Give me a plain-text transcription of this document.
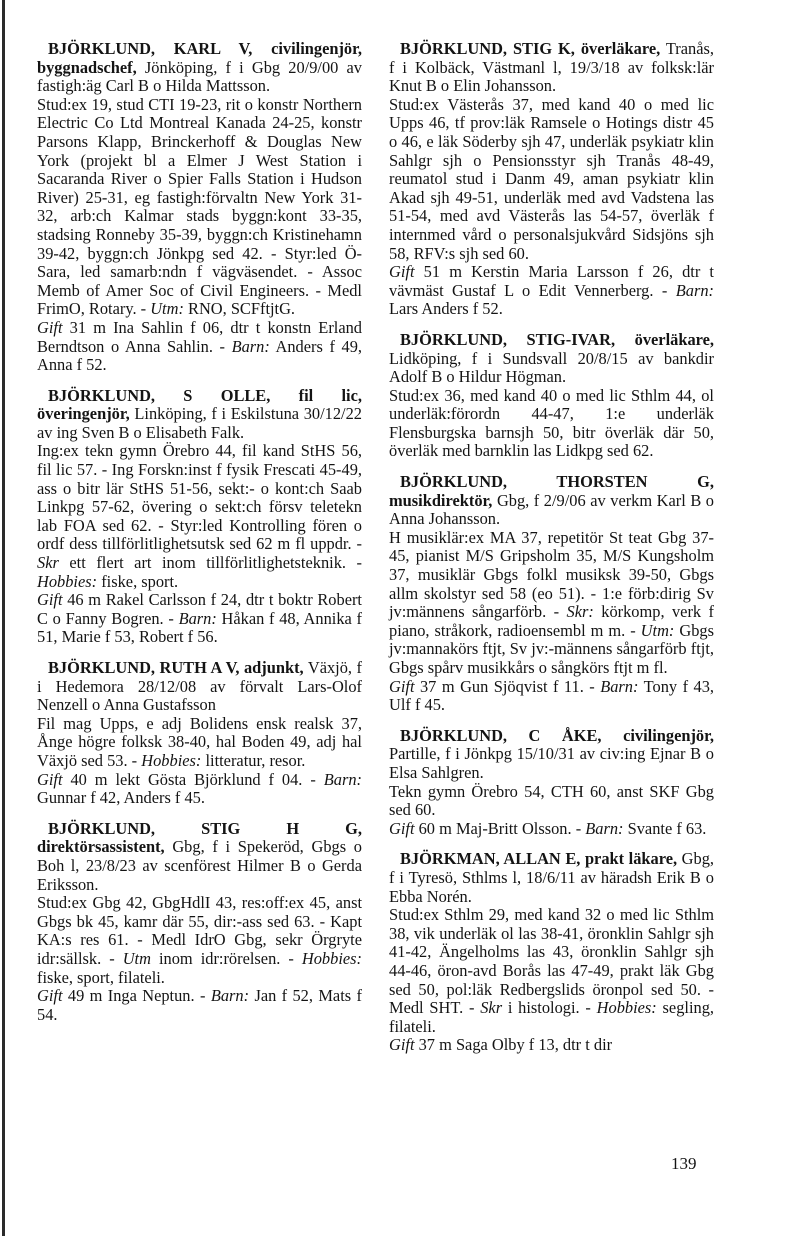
BJÖRKLUND, KARL V, civilingenjör, byggnadschef, Jönköping, f i Gbg 20/9/00 av fastigh:äg Carl B o Hilda Mattsson.

Stud:ex 19, stud CTI 19-23, rit o konstr Northern Electric Co Ltd Montreal Kanada 24-25, konstr Parsons Klapp, Brinckerhoff & Douglas New York (projekt bl a Elmer J West Station i Sacaranda River o Spier Falls Station i Hudson River) 25-31, eg fastigh:förvaltn New York 31-32, arb:ch Kalmar stads byggn:kont 33-35, stadsing Ronneby 35-39, byggn:ch Kristinehamn 39-42, byggn:ch Jönkpg sed 42. - Styr:led Ö-Sara, led samarb:ndn f vägväsendet. - Assoc Memb of Amer Soc of Civil Engineers. - Medl FrimO, Rotary. - Utm: RNO, SCFftjtG.

Gift 31 m Ina Sahlin f 06, dtr t konstn Erland Berndtson o Anna Sahlin. - Barn: Anders f 49, Anna f 52.

BJÖRKLUND, S OLLE, fil lic, överingenjör, Linköping, f i Eskilstuna 30/12/22 av ing Sven B o Elisabeth Falk.

Ing:ex tekn gymn Örebro 44, fil kand StHS 56, fil lic 57. - Ing Forskn:inst f fysik Frescati 45-49, ass o bitr lär StHS 51-56, sekt:- o kont:ch Saab Linkpg 57-62, övering o sekt:ch försv teletekn lab FOA sed 62. - Styr:led Kontrolling fören o ordf dess tillförlitlighetsutsk sed 62 m fl uppdr. - Skr ett flert art inom tillförlitlighetsteknik. - Hobbies: fiske, sport.

Gift 46 m Rakel Carlsson f 24, dtr t boktr Robert C o Fanny Bogren. - Barn: Håkan f 48, Annika f 51, Marie f 53, Robert f 56.

BJÖRKLUND, RUTH A V, adjunkt, Växjö, f i Hedemora 28/12/08 av förvalt Lars-Olof Nenzell o Anna Gustafsson

Fil mag Upps, e adj Bolidens ensk realsk 37, Ånge högre folksk 38-40, hal Boden 49, adj hal Växjö sed 53. - Hobbies: litteratur, resor.

Gift 40 m lekt Gösta Björklund f 04. - Barn: Gunnar f 42, Anders f 45.

BJÖRKLUND, STIG H G, direktörsassistent, Gbg, f i Spekeröd, Gbgs o Boh l, 23/8/23 av scenförest Hilmer B o Gerda Eriksson.

Stud:ex Gbg 42, GbgHdlI 43, res:off:ex 45, anst Gbgs bk 45, kamr där 55, dir:-ass sed 63. - Kapt KA:s res 61. - Medl IdrO Gbg, sekr Örgryte idr:sällsk. - Utm inom idr:rörelsen. - Hobbies: fiske, sport, filateli.

Gift 49 m Inga Neptun. - Barn: Jan f 52, Mats f 54.

BJÖRKLUND, STIG K, överläkare, Tranås, f i Kolbäck, Västmanl l, 19/3/18 av folksk:lär Knut B o Elin Johansson.

Stud:ex Västerås 37, med kand 40 o med lic Upps 46, tf prov:läk Ramsele o Hotings distr 45 o 46, e läk Söderby sjh 47, underläk psykiatr klin Sahlgr sjh o Pensionsstyr sjh Tranås 48-49, reumatol stud i Danm 49, aman psykiatr klin Akad sjh 49-51, underläk med avd Vadstena las 51-54, med avd Västerås las 54-57, överläk f internmed vård o personalsjukvård Sidsjöns sjh 58, RFV:s sjh sed 60.

Gift 51 m Kerstin Maria Larsson f 26, dtr t vävmäst Gustaf L o Edit Vennerberg. - Barn: Lars Anders f 52.

BJÖRKLUND, STIG-IVAR, överläkare, Lidköping, f i Sundsvall 20/8/15 av bankdir Adolf B o Hildur Högman.

Stud:ex 36, med kand 40 o med lic Sthlm 44, ol underläk:förordn 44-47, 1:e underläk Flensburgska barnsjh 50, bitr överläk där 50, överläk med barnklin las Lidkpg sed 62.

BJÖRKLUND, THORSTEN G, musikdirektör, Gbg, f 2/9/06 av verkm Karl B o Anna Johansson.

H musiklär:ex MA 37, repetitör St teat Gbg 37-45, pianist M/S Gripsholm 35, M/S Kungsholm 37, musiklär Gbgs folkl musiksk 39-50, Gbgs allm skolstyr sed 58 (eo 51). - 1:e förb:dirig Sv jv:männens sångarförb. - Skr: körkomp, verk f piano, stråkork, radioensembl m m. - Utm: Gbgs jv:mannakörs ftjt, Sv jv:-männens sångarförb ftjt, Gbgs spårv musikkårs o sångkörs ftjt m fl.

Gift 37 m Gun Sjöqvist f 11. - Barn: Tony f 43, Ulf f 45.

BJÖRKLUND, C ÅKE, civilingenjör, Partille, f i Jönkpg 15/10/31 av civ:ing Ejnar B o Elsa Sahlgren.

Tekn gymn Örebro 54, CTH 60, anst SKF Gbg sed 60.

Gift 60 m Maj-Britt Olsson. - Barn: Svante f 63.

BJÖRKMAN, ALLAN E, prakt läkare, Gbg, f i Tyresö, Sthlms l, 18/6/11 av häradsh Erik B o Ebba Norén.

Stud:ex Sthlm 29, med kand 32 o med lic Sthlm 38, vik underläk ol las 38-41, öronklin Sahlgr sjh 41-42, Ängelholms las 43, öronklin Sahlgr sjh 44-46, öron-avd Borås las 47-49, prakt läk Gbg sed 50, pol:läk Redbergslids öronpol sed 50. - Medl SHT. - Skr i histologi. - Hobbies: segling, filateli.

Gift 37 m Saga Olby f 13, dtr t dir

139
